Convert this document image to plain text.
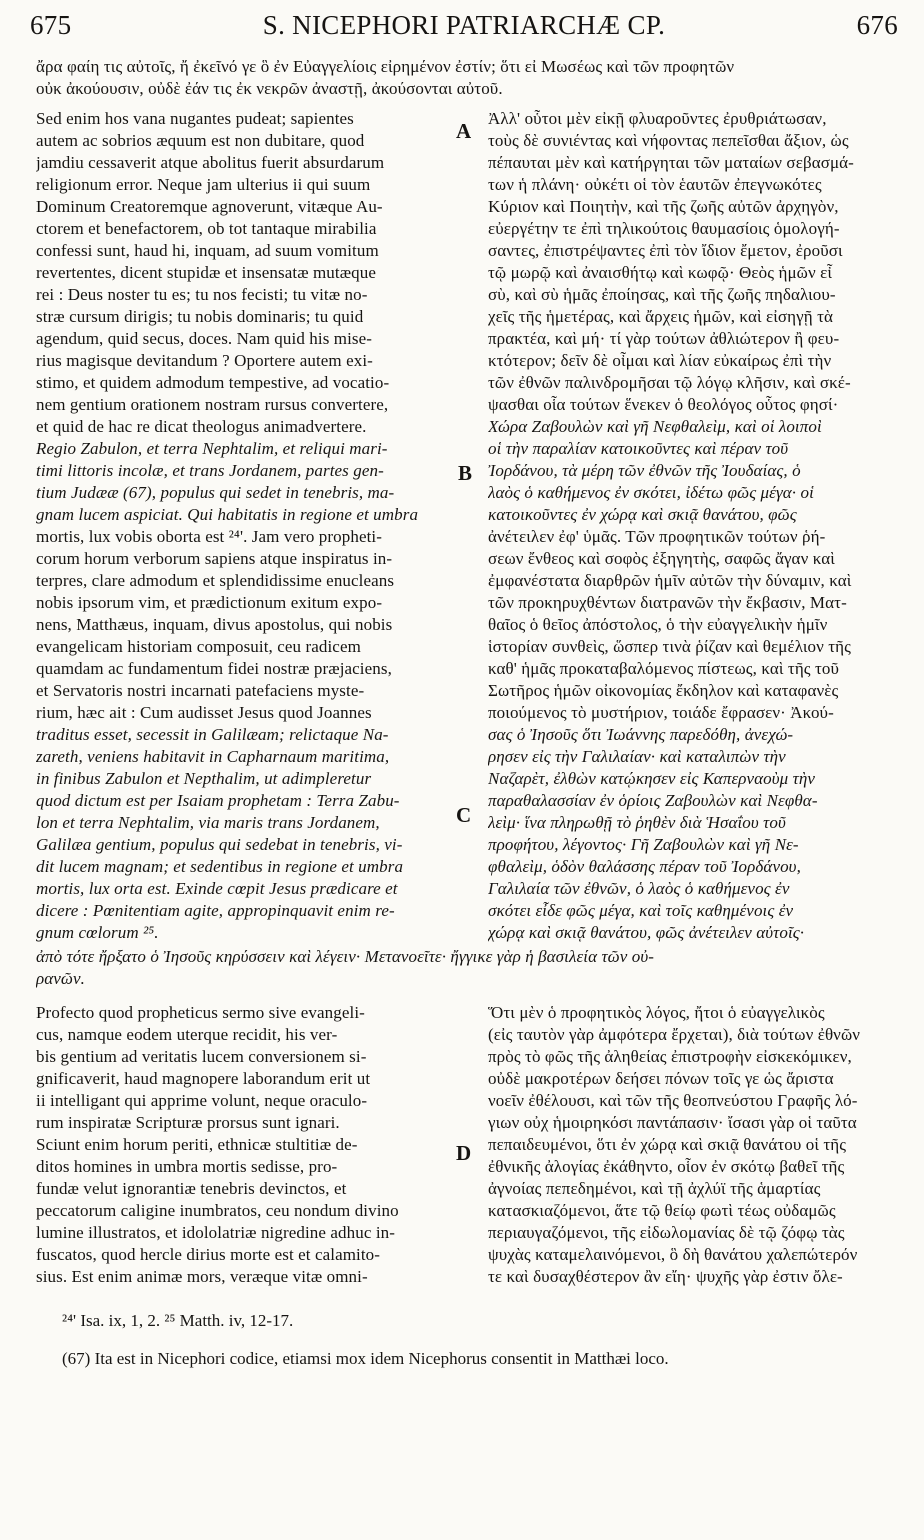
675	S. NICEPHORI PATRIARCHÆ CP.	676
ἄρα φαίη τις αὐτοῖς, ἤ ἐκεῖνό γε ὃ ἐν Εὐαγγελίοις εἰρημένον ἐστίν; ὅτι εἰ Μωσέως καὶ τῶν προφητῶν
οὐκ ἀκούουσιν, οὐδὲ ἐάν τις ἐκ νεκρῶν ἀναστῇ, ἀκούσονται αὐτοῦ.
Sed enim hos vana nugantes pudeat; sapientes
autem ac sobrios æquum est non dubitare, quod
jamdiu cessaverit atque abolitus fuerit absurdarum
religionum error. Neque jam ulterius ii qui suum
Dominum Creatoremque agnoverunt, vitæque Au-
ctorem et benefactorem, ob tot tantaque mirabilia
confessi sunt, haud hi, inquam, ad suum vomitum
revertentes, dicent stupidæ et insensatæ mutæque
rei : Deus noster tu es; tu nos fecisti; tu vitæ no-
stræ cursum dirigis; tu nobis dominaris; tu quid
agendum, quid secus, doces. Nam quid his mise-
rius magisque devitandum ? Oportere autem exi-
stimo, et quidem admodum tempestive, ad vocatio-
nem gentium orationem nostram rursus convertere,
et quid de hac re dicat theologus animadvertere.
Regio Zabulon, et terra Nephtalim, et reliqui mari-
timi littoris incolæ, et trans Jordanem, partes gen-
tium Judææ (67), populus qui sedet in tenebris, ma-
gnam lucem aspiciat. Qui habitatis in regione et umbra
mortis, lux vobis oborta est ²⁴'. Jam vero propheti-
corum horum verborum sapiens atque inspiratus in-
terpres, clare admodum et splendidissime enucleans
nobis ipsorum vim, et prædictionum exitum expo-
nens, Matthæus, inquam, divus apostolus, qui nobis
evangelicam historiam composuit, ceu radicem
quamdam ac fundamentum fidei nostræ præjaciens,
et Servatoris nostri incarnati patefaciens myste-
rium, hæc ait : Cum audisset Jesus quod Joannes
traditus esset, secessit in Galilæam; relictaque Na-
zareth, veniens habitavit in Capharnaum maritima,
in finibus Zabulon et Nepthalim, ut adimpleretur
quod dictum est per Isaiam prophetam : Terra Zabu-
lon et terra Nephtalim, via maris trans Jordanem,
Galilæa gentium, populus qui sedebat in tenebris, vi-
dit lucem magnam; et sedentibus in regione et umbra
mortis, lux orta est. Exinde cœpit Jesus prædicare et
dicere : Pœnitentiam agite, appropinquavit enim re-
gnum cœlorum ²⁵.
A
B
C
D
Ἀλλ' οὗτοι μὲν εἰκῇ φλυαροῦντες ἐρυθριάτωσαν,
τοὺς δὲ συνιέντας καὶ νήφοντας πεπεῖσθαι ἄξιον, ὡς
πέπαυται μὲν καὶ κατήργηται τῶν ματαίων σεβασμά-
των ἡ πλάνη· οὐκέτι οἱ τὸν ἑαυτῶν ἐπεγνωκότες
Κύριον καὶ Ποιητὴν, καὶ τῆς ζωῆς αὐτῶν ἀρχηγὸν,
εὐεργέτην τε ἐπὶ τηλικούτοις θαυμασίοις ὁμολογή-
σαντες, ἐπιστρέψαντες ἐπὶ τὸν ἴδιον ἔμετον, ἐροῦσι
τῷ μωρῷ καὶ ἀναισθήτῳ καὶ κωφῷ· Θεὸς ἡμῶν εἶ
σὺ, καὶ σὺ ἡμᾶς ἐποίησας, καὶ τῆς ζωῆς πηδαλιου-
χεῖς τῆς ἡμετέρας, καὶ ἄρχεις ἡμῶν, καὶ εἰσηγῇ τὰ
πρακτέα, καὶ μή· τί γὰρ τούτων ἀθλιώτερον ἢ φευ-
κτότερον; δεῖν δὲ οἶμαι καὶ λίαν εὐκαίρως ἐπὶ τὴν
τῶν ἐθνῶν παλινδρομῆσαι τῷ λόγῳ κλῆσιν, καὶ σκέ-
ψασθαι οἷα τούτων ἕνεκεν ὁ θεολόγος οὗτος φησί·
Χώρα Ζαβουλὼν καὶ γῆ Νεφθαλεὶμ, καὶ οἱ λοιποὶ
οἱ τὴν παραλίαν κατοικοῦντες καὶ πέραν τοῦ
Ἰορδάνου, τὰ μέρη τῶν ἐθνῶν τῆς Ἰουδαίας, ὁ
λαὸς ὁ καθήμενος ἐν σκότει, ἰδέτω φῶς μέγα· οἱ
κατοικοῦντες ἐν χώρᾳ καὶ σκιᾷ θανάτου, φῶς
ἀνέτειλεν ἐφ' ὑμᾶς. Τῶν προφητικῶν τούτων ῥή-
σεων ἔνθεος καὶ σοφὸς ἐξηγητὴς, σαφῶς ἄγαν καὶ
ἐμφανέστατα διαρθρῶν ἡμῖν αὐτῶν τὴν δύναμιν, καὶ
τῶν προκηρυχθέντων διατρανῶν τὴν ἔκβασιν, Ματ-
θαῖος ὁ θεῖος ἀπόστολος, ὁ τὴν εὐαγγελικὴν ἡμῖν
ἱστορίαν συνθεὶς, ὥσπερ τινὰ ῥίζαν καὶ θεμέλιον τῆς
καθ' ἡμᾶς προκαταβαλόμενος πίστεως, καὶ τῆς τοῦ
Σωτῆρος ἡμῶν οἰκονομίας ἔκδηλον καὶ καταφανὲς
ποιούμενος τὸ μυστήριον, τοιάδε ἔφρασεν· Ἀκού-
σας ὁ Ἰησοῦς ὅτι Ἰωάννης παρεδόθη, ἀνεχώ-
ρησεν εἰς τὴν Γαλιλαίαν· καὶ καταλιπὼν τὴν
Ναζαρὲτ, ἐλθὼν κατῴκησεν εἰς Καπερναοὺμ τὴν
παραθαλασσίαν ἐν ὁρίοις Ζαβουλὼν καὶ Νεφθα-
λεὶμ· ἵνα πληρωθῇ τὸ ῥηθὲν διὰ Ἡσαΐου τοῦ
προφήτου, λέγοντος· Γῆ Ζαβουλὼν καὶ γῆ Νε-
φθαλεὶμ, ὁδὸν θαλάσσης πέραν τοῦ Ἰορδάνου,
Γαλιλαία τῶν ἐθνῶν, ὁ λαὸς ὁ καθήμενος ἐν
σκότει εἶδε φῶς μέγα, καὶ τοῖς καθημένοις ἐν
χώρᾳ καὶ σκιᾷ θανάτου, φῶς ἀνέτειλεν αὐτοῖς·
ἀπὸ τότε ἤρξατο ὁ Ἰησοῦς κηρύσσειν καὶ λέγειν· Μετανοεῖτε· ἤγγικε γὰρ ἡ βασιλεία τῶν οὐ-
ρανῶν.
Profecto quod propheticus sermo sive evangeli-
cus, namque eodem uterque recidit, his ver-
bis gentium ad veritatis lucem conversionem si-
gnificaverit, haud magnopere laborandum erit ut
ii intelligant qui apprime volunt, neque oraculo-
rum inspiratæ Scripturæ prorsus sunt ignari.
Sciunt enim horum periti, ethnicæ stultitiæ de-
ditos homines in umbra mortis sedisse, pro-
fundæ velut ignorantiæ tenebris devinctos, et
peccatorum caligine inumbratos, ceu nondum divino
lumine illustratos, et idololatriæ nigredine adhuc in-
fuscatos, quod hercle dirius morte est et calamito-
sius. Est enim animæ mors, veræque vitæ omni-
Ὅτι μὲν ὁ προφητικὸς λόγος, ἤτοι ὁ εὐαγγελικὸς
(εἰς ταυτὸν γὰρ ἀμφότερα ἔρχεται), διὰ τούτων ἐθνῶν
πρὸς τὸ φῶς τῆς ἀληθείας ἐπιστροφὴν εἰσκεκόμικεν,
οὐδὲ μακροτέρων δεήσει πόνων τοῖς γε ὡς ἄριστα
νοεῖν ἐθέλουσι, καὶ τῶν τῆς θεοπνεύστου Γραφῆς λό-
γιων οὐχ ἡμοιρηκόσι παντάπασιν· ἴσασι γὰρ οἱ ταῦτα
πεπαιδευμένοι, ὅτι ἐν χώρᾳ καὶ σκιᾷ θανάτου οἱ τῆς
ἐθνικῆς ἀλογίας ἐκάθηντο, οἷον ἐν σκότῳ βαθεῖ τῆς
ἀγνοίας πεπεδημένοι, καὶ τῇ ἀχλύϊ τῆς ἁμαρτίας
κατασκιαζόμενοι, ἅτε τῷ θείῳ φωτὶ τέως οὐδαμῶς
περιαυγαζόμενοι, τῆς εἰδωλομανίας δὲ τῷ ζόφῳ τὰς
ψυχὰς καταμελαινόμενοι, ὃ δὴ θανάτου χαλεπώτερόν
τε καὶ δυσαχθέστερον ἂν εἴη· ψυχῆς γὰρ ἐστιν ὄλε-
²⁴' Isa. ix, 1, 2. ²⁵ Matth. iv, 12-17.
(67) Ita est in Nicephori codice, etiamsi mox idem Nicephorus consentit in Matthæi loco.
